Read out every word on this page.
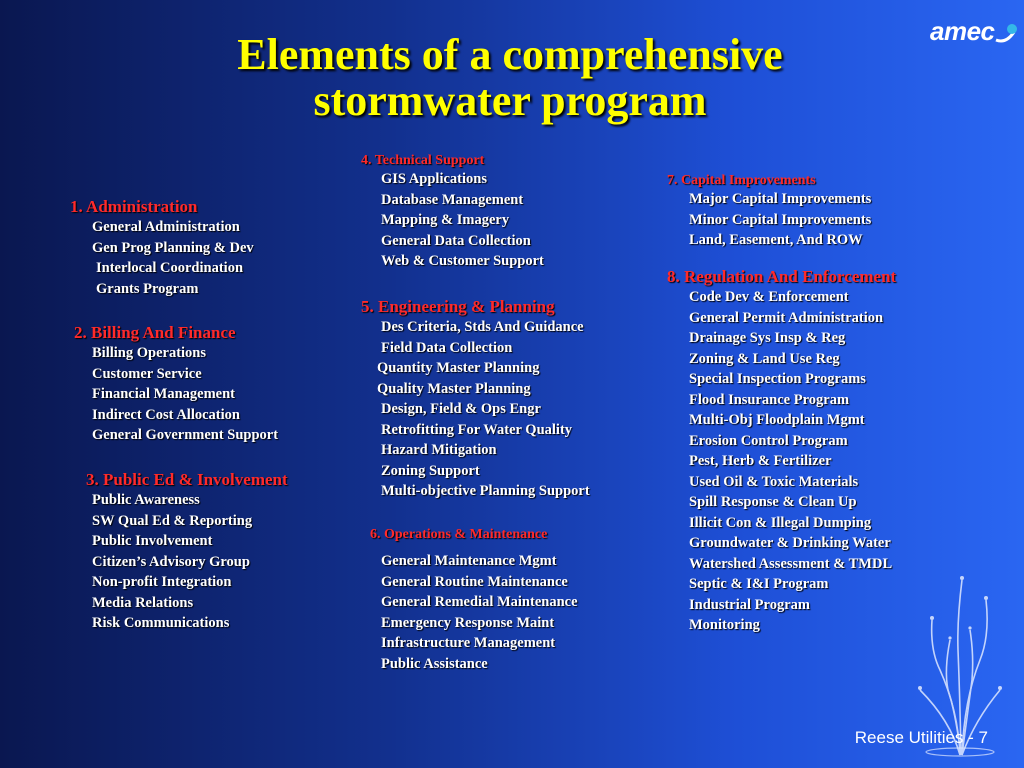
Elements of a comprehensive
stormwater program
amec
1. Administration
General Administration
Gen Prog Planning & Dev
Interlocal Coordination
Grants Program
2. Billing And Finance
Billing Operations
Customer Service
Financial Management
Indirect Cost Allocation
General Government Support
3. Public Ed & Involvement
Public Awareness
SW Qual Ed & Reporting
Public Involvement
Citizen’s Advisory Group
Non-profit Integration
Media Relations
Risk Communications
4. Technical Support
GIS Applications
Database Management
Mapping & Imagery
General Data Collection
Web & Customer Support
5. Engineering & Planning
Des Criteria, Stds And Guidance
Field Data Collection
Quantity Master Planning
Quality Master Planning
Design, Field & Ops Engr
Retrofitting For Water Quality
Hazard Mitigation
Zoning Support
Multi-objective Planning Support
6. Operations & Maintenance
General Maintenance Mgmt
General Routine Maintenance
General Remedial Maintenance
Emergency Response Maint
Infrastructure Management
Public Assistance
7. Capital Improvements
Major Capital Improvements
Minor Capital Improvements
Land, Easement, And ROW
8. Regulation And Enforcement
Code Dev & Enforcement
General Permit Administration
Drainage Sys Insp & Reg
Zoning & Land Use Reg
Special Inspection Programs
Flood Insurance Program
Multi-Obj Floodplain Mgmt
Erosion Control Program
Pest, Herb & Fertilizer
Used Oil & Toxic Materials
Spill Response & Clean Up
Illicit Con & Illegal Dumping
Groundwater & Drinking Water
Watershed Assessment & TMDL
Septic & I&I Program
Industrial Program
Monitoring
Reese Utilities - 7
